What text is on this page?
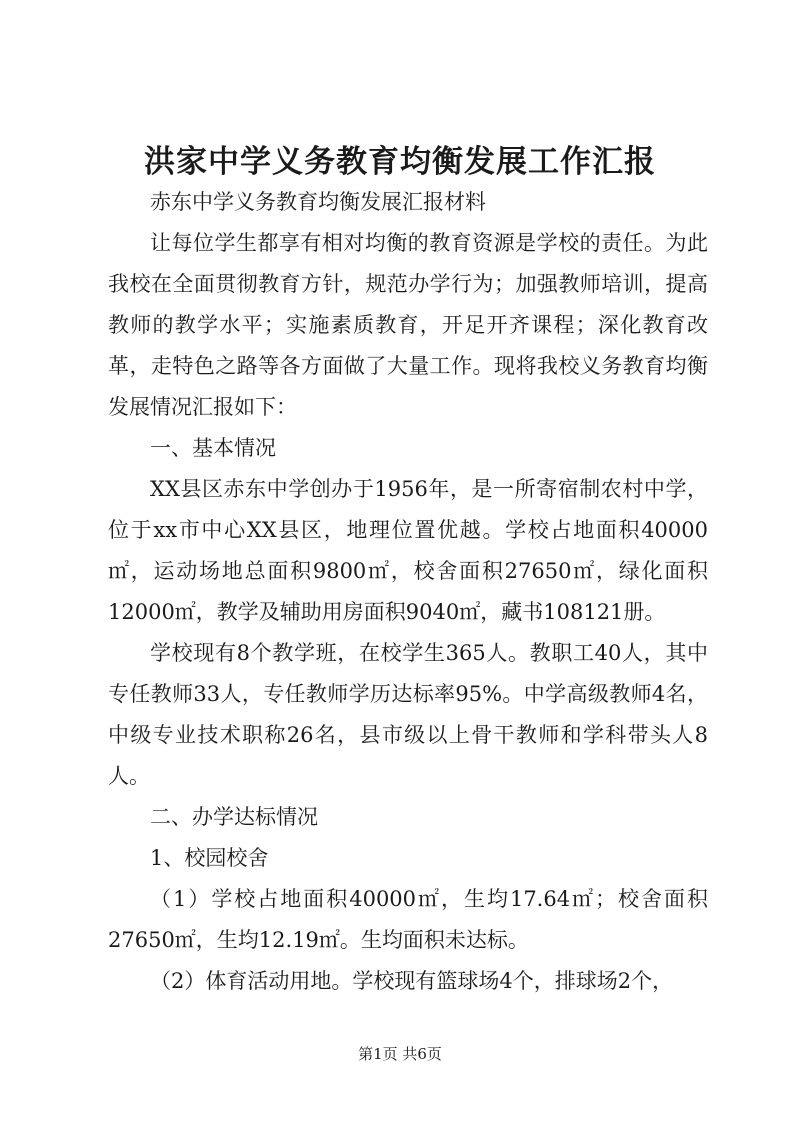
洪家中学义务教育均衡发展工作汇报

赤东中学义务教育均衡发展汇报材料

让每位学生都享有相对均衡的教育资源是学校的责任。为此我校在全面贯彻教育方针，规范办学行为；加强教师培训，提高教师的教学水平；实施素质教育，开足开齐课程；深化教育改革，走特色之路等各方面做了大量工作。现将我校义务教育均衡发展情况汇报如下：

一、基本情况

XX县区赤东中学创办于1956年，是一所寄宿制农村中学，位于xx市中心XX县区，地理位置优越。学校占地面积40000㎡，运动场地总面积9800㎡，校舍面积27650㎡，绿化面积12000㎡，教学及辅助用房面积9040㎡，藏书108121册。

学校现有8个教学班，在校学生365人。教职工40人，其中专任教师33人，专任教师学历达标率95%。中学高级教师4名，中级专业技术职称26名，县市级以上骨干教师和学科带头人8人。

二、办学达标情况

1、校园校舍

（1）学校占地面积40000㎡，生均17.64㎡；校舍面积27650㎡，生均12.19㎡。生均面积未达标。

（2）体育活动用地。学校现有篮球场4个，排球场2个，

第1页 共6页
